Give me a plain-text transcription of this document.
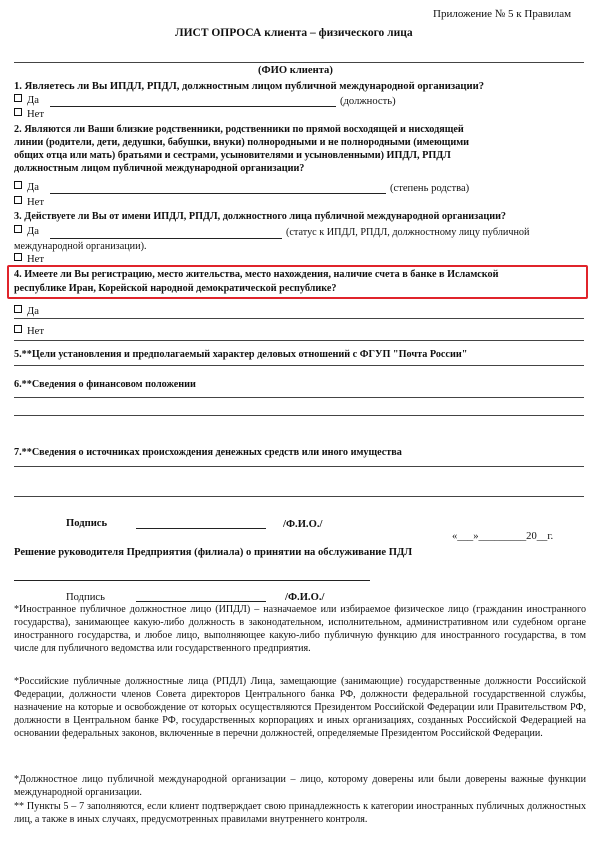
Приложение № 5 к Правилам
ЛИСТ ОПРОСА клиента – физического лица
(ФИО клиента)
1. Являетесь ли Вы ИПДЛ, РПДЛ, должностным лицом публичной международной организации?
Да	(должность)
Нет
2. Являются ли Ваши близкие родственники, родственники по прямой восходящей и нисходящей
линии (родители, дети, дедушки, бабушки, внуки) полнородными и не полнородными (имеющими
общих отца или мать) братьями и сестрами, усыновителями и усыновленными) ИПДЛ, РПДЛ
должностным лицом публичной международной организации?
Да	(степень родства)
Нет
3. Действуете ли Вы от имени ИПДЛ, РПДЛ, должностного лица публичной международной организации?
Да	(статус к ИПДЛ, РПДЛ, должностному лицу публичной
международной организации).
Нет
4. Имеете ли Вы регистрацию, место жительства, место нахождения, наличие счета в банке в Исламской
республике Иран, Корейской народной демократической республике?
Да
Нет
5.**Цели установления и предполагаемый характер деловых отношений с ФГУП "Почта России"
6.**Сведения о финансовом положении
7.**Сведения о источниках происхождения денежных средств или иного имущества
Подпись	/Ф.И.О./
«___»_________20__г.
Решение руководителя Предприятия (филиала) о принятии на обслуживание ПДЛ
Подпись	/Ф.И.О./
*Иностранное публичное должностное лицо (ИПДЛ) – назначаемое или избираемое физическое лицо (гражданин иностранного государства), занимающее какую-либо должность в законодательном, исполнительном, административном или судебном органе иностранного государства, и любое лицо, выполняющее какую-либо публичную функцию для иностранного государства, в том числе для публичного ведомства или государственного предприятия.
*Российские публичные должностные лица (РПДЛ) Лица, замещающие (занимающие) государственные должности Российской Федерации, должности членов Совета директоров Центрального банка РФ, должности федеральной государственной службы, назначение на которые и освобождение от которых осуществляются Президентом Российской Федерации или Правительством РФ, должности в Центральном банке РФ, государственных корпорациях и иных организациях, созданных Российской Федерацией на основании федеральных законов, включенные в перечни должностей, определяемые Президентом Российской Федерации.
*Должностное лицо публичной международной организации – лицо, которому доверены или были доверены важные функции международной организации.
** Пункты 5 – 7 заполняются, если клиент подтверждает свою принадлежность к категории иностранных публичных должностных лиц, а также в иных случаях, предусмотренных правилами внутреннего контроля.
